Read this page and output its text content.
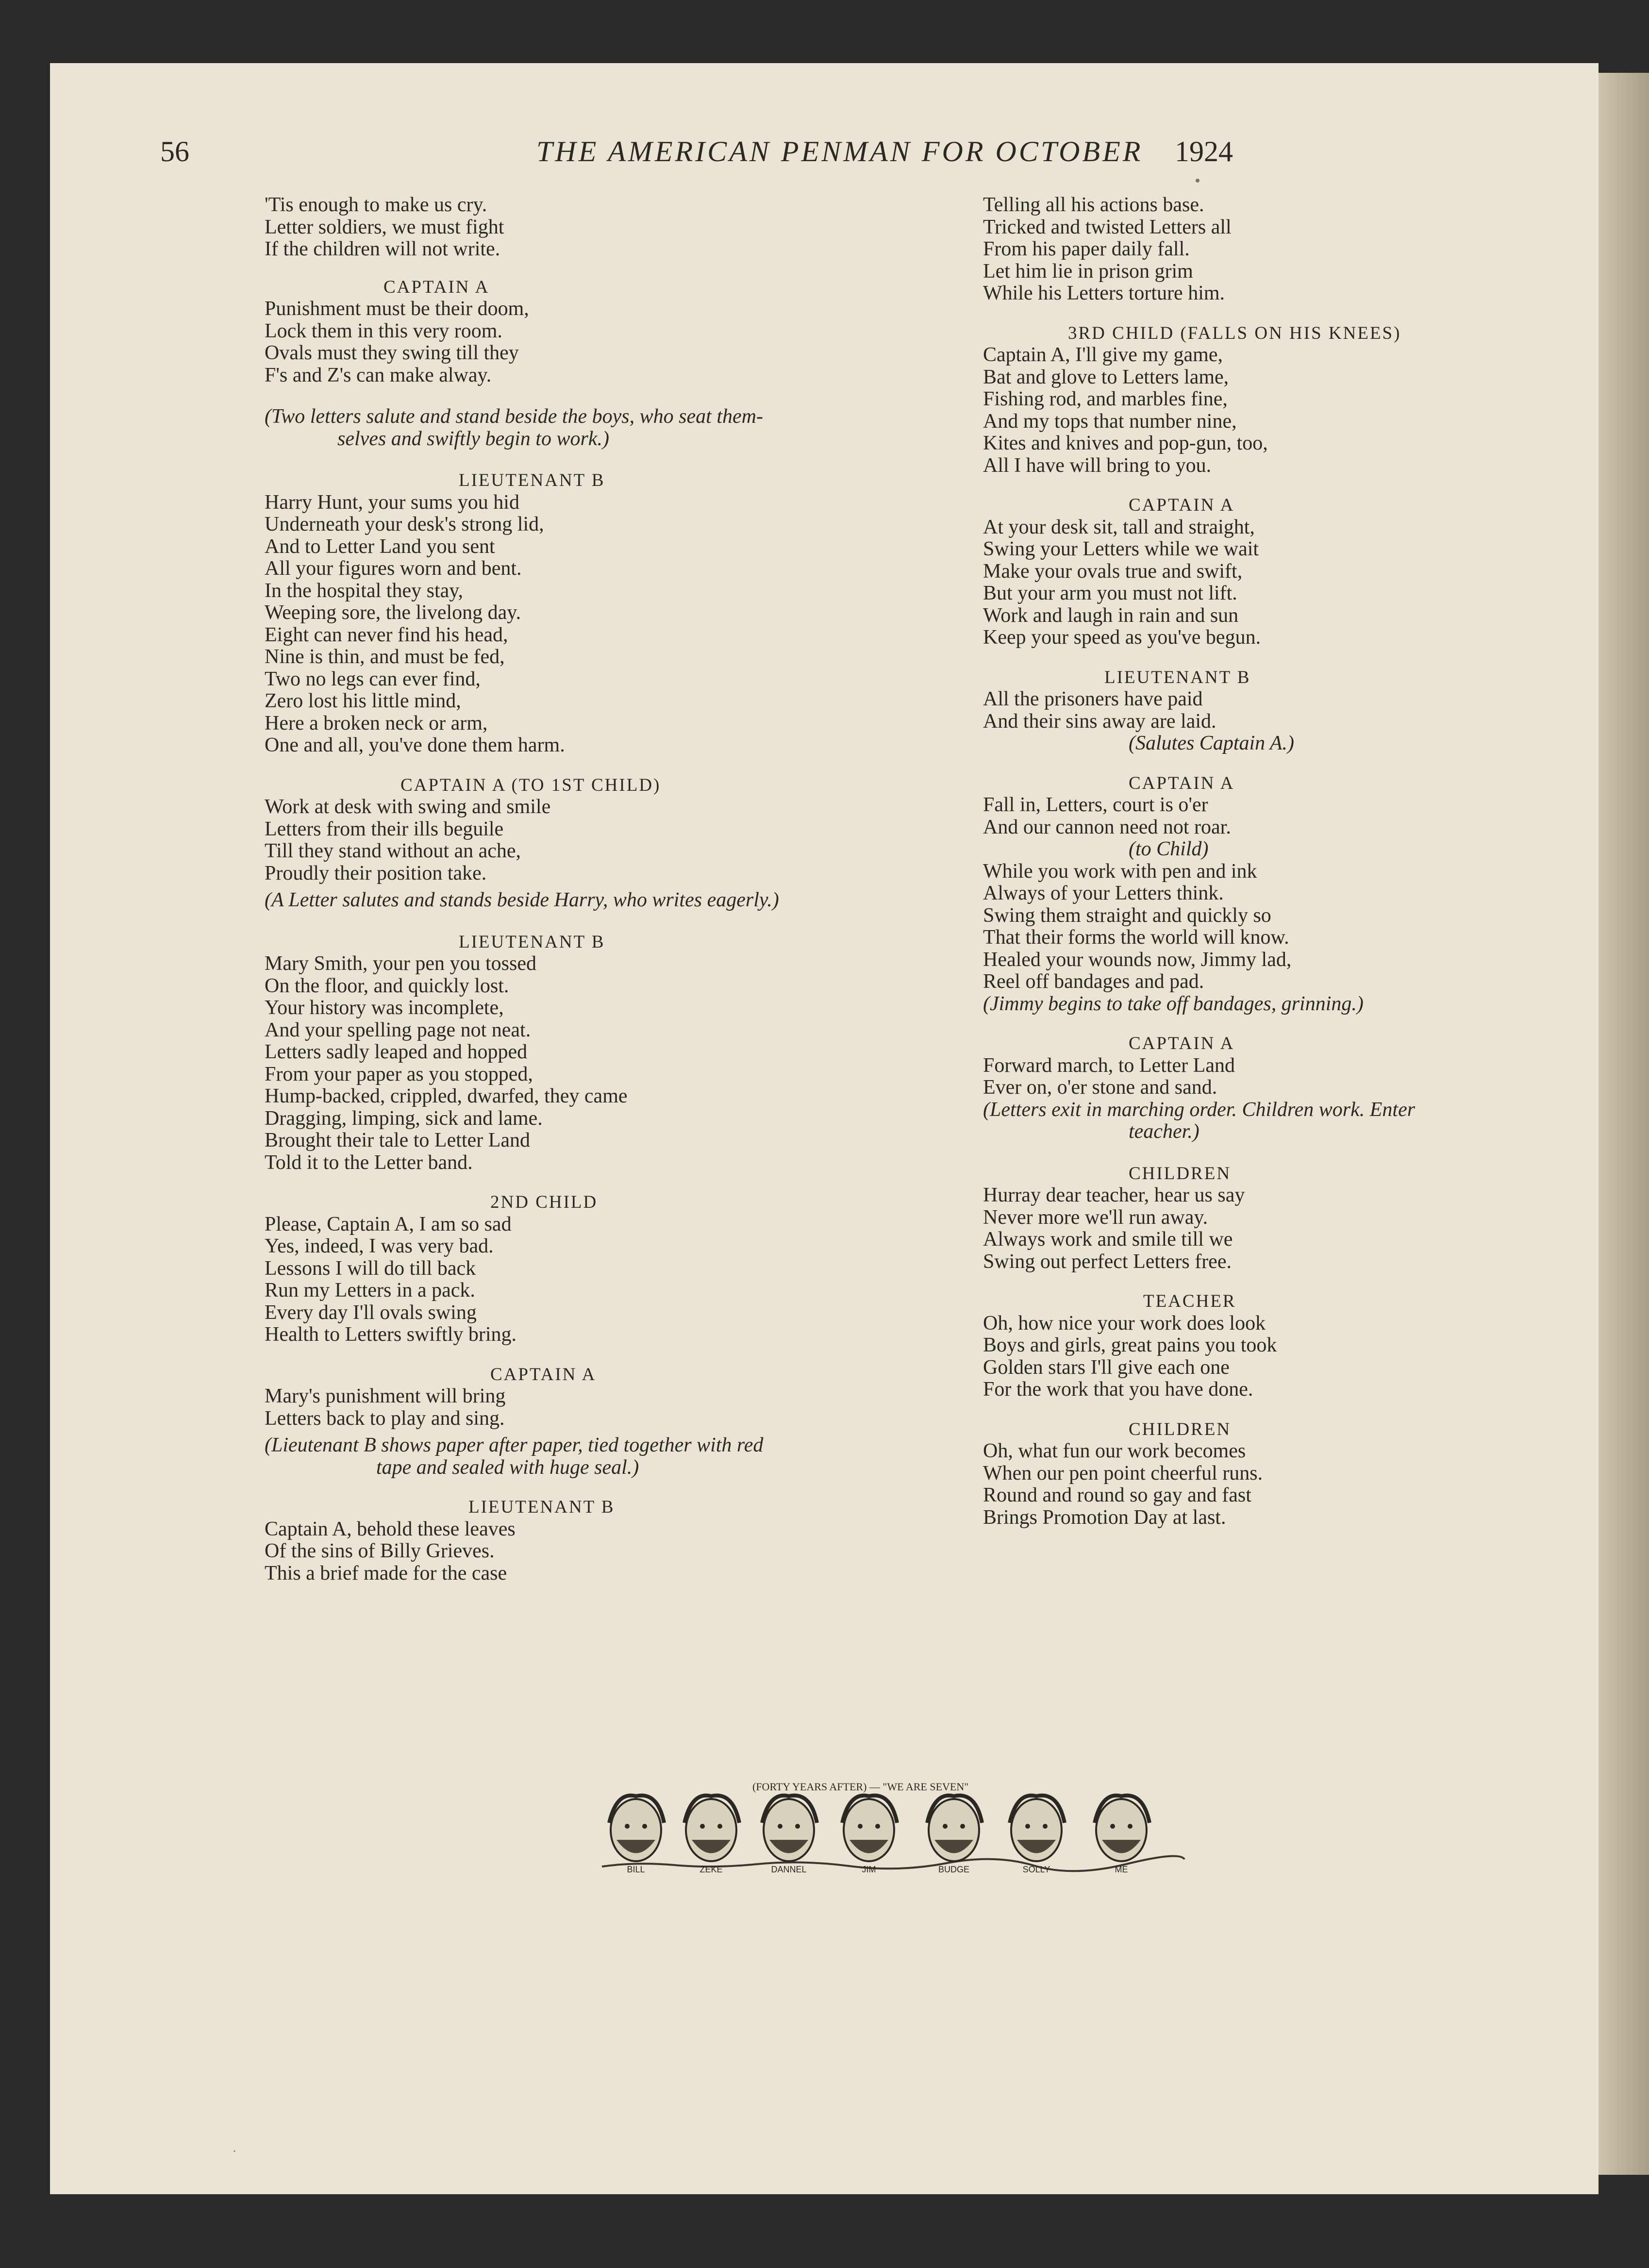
56	THE AMERICAN PENMAN FOR OCTOBER 1924
'Tis enough to make us cry.
Letter soldiers, we must fight
If the children will not write.
CAPTAIN A
Punishment must be their doom,
Lock them in this very room.
Ovals must they swing till they
F's and Z's can make alway.
(Two letters salute and stand beside the boys, who seat them-
selves and swiftly begin to work.)
LIEUTENANT B
Harry Hunt, your sums you hid
Underneath your desk's strong lid,
And to Letter Land you sent
All your figures worn and bent.
In the hospital they stay,
Weeping sore, the livelong day.
Eight can never find his head,
Nine is thin, and must be fed,
Two no legs can ever find,
Zero lost his little mind,
Here a broken neck or arm,
One and all, you've done them harm.
CAPTAIN A (TO 1ST CHILD)
Work at desk with swing and smile
Letters from their ills beguile
Till they stand without an ache,
Proudly their position take.
(A Letter salutes and stands beside Harry, who writes eagerly.)
LIEUTENANT B
Mary Smith, your pen you tossed
On the floor, and quickly lost.
Your history was incomplete,
And your spelling page not neat.
Letters sadly leaped and hopped
From your paper as you stopped,
Hump-backed, crippled, dwarfed, they came
Dragging, limping, sick and lame.
Brought their tale to Letter Land
Told it to the Letter band.
2ND CHILD
Please, Captain A, I am so sad
Yes, indeed, I was very bad.
Lessons I will do till back
Run my Letters in a pack.
Every day I'll ovals swing
Health to Letters swiftly bring.
CAPTAIN A
Mary's punishment will bring
Letters back to play and sing.
(Lieutenant B shows paper after paper, tied together with red
tape and sealed with huge seal.)
LIEUTENANT B
Captain A, behold these leaves
Of the sins of Billy Grieves.
This a brief made for the case
Telling all his actions base.
Tricked and twisted Letters all
From his paper daily fall.
Let him lie in prison grim
While his Letters torture him.
3RD CHILD (FALLS ON HIS KNEES)
Captain A, I'll give my game,
Bat and glove to Letters lame,
Fishing rod, and marbles fine,
And my tops that number nine,
Kites and knives and pop-gun, too,
All I have will bring to you.
CAPTAIN A
At your desk sit, tall and straight,
Swing your Letters while we wait
Make your ovals true and swift,
But your arm you must not lift.
Work and laugh in rain and sun
Keep your speed as you've begun.
LIEUTENANT B
All the prisoners have paid
And their sins away are laid.
(Salutes Captain A.)
CAPTAIN A
Fall in, Letters, court is o'er
And our cannon need not roar.
(to Child)
While you work with pen and ink
Always of your Letters think.
Swing them straight and quickly so
That their forms the world will know.
Healed your wounds now, Jimmy lad,
Reel off bandages and pad.
(Jimmy begins to take off bandages, grinning.)
CAPTAIN A
Forward march, to Letter Land
Ever on, o'er stone and sand.
(Letters exit in marching order. Children work. Enter
teacher.)
CHILDREN
Hurray dear teacher, hear us say
Never more we'll run away.
Always work and smile till we
Swing out perfect Letters free.
TEACHER
Oh, how nice your work does look
Boys and girls, great pains you took
Golden stars I'll give each one
For the work that you have done.
CHILDREN
Oh, what fun our work becomes
When our pen point cheerful runs.
Round and round so gay and fast
Brings Promotion Day at last.
(FORTY YEARS AFTER) — "WE ARE SEVEN"
BILL	ZEKE	DANNEL	JIM	BUDGE	SOLLY	ME
·
